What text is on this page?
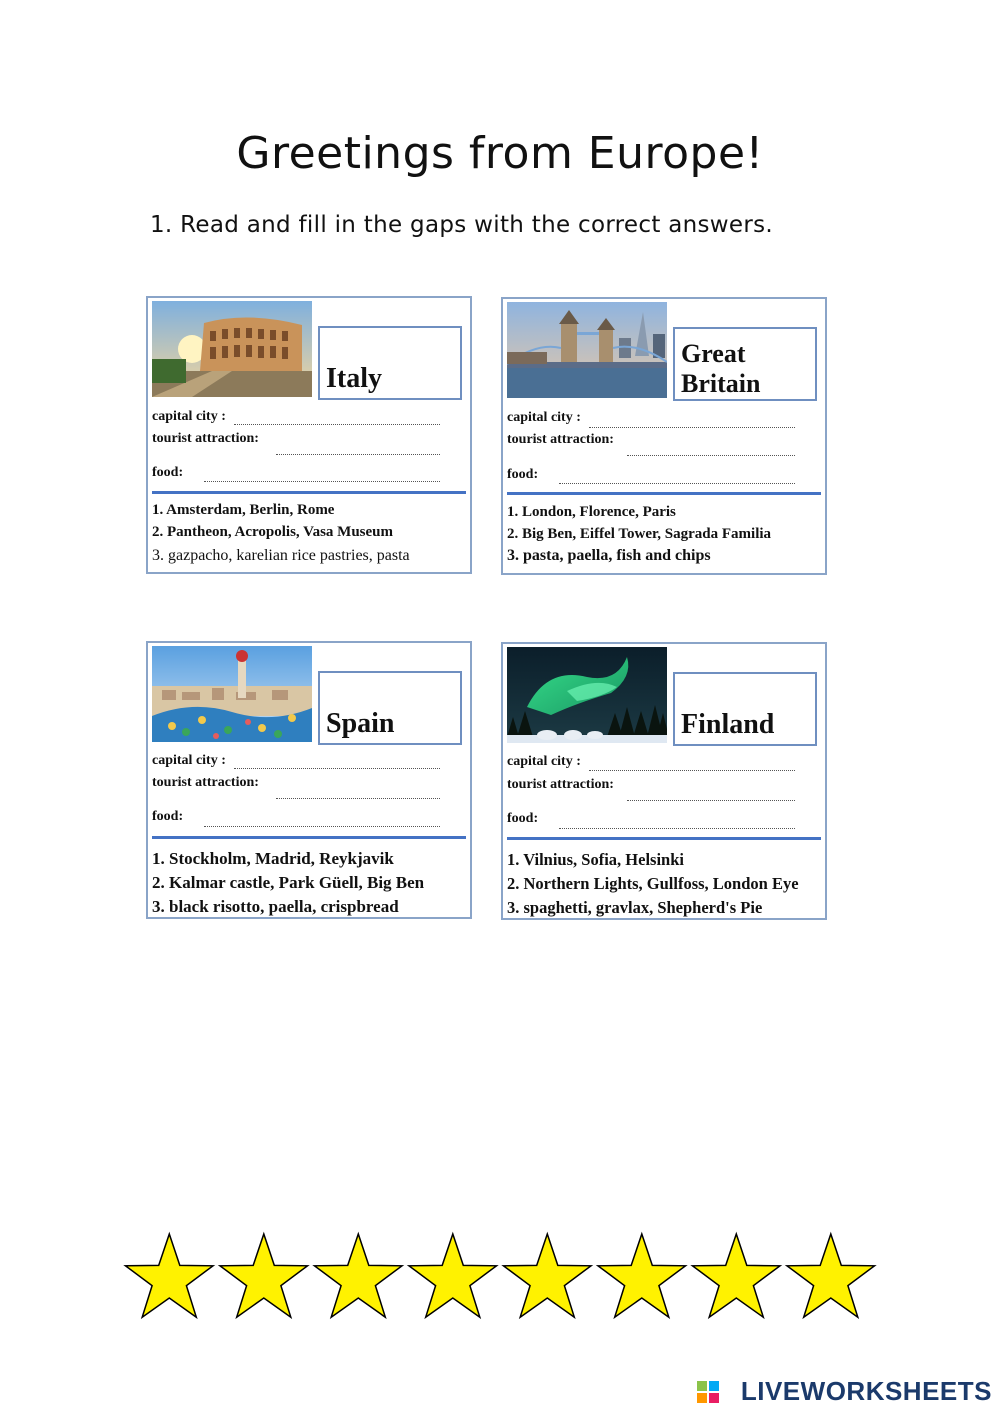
Greetings from Europe!
1. Read and fill in the gaps with the correct answers.
Italy
capital city :
tourist attraction:
food:
1. Amsterdam, Berlin, Rome
2. Pantheon, Acropolis, Vasa Museum
3. gazpacho, karelian rice pastries, pasta
Great
Britain
capital city :
tourist attraction:
food:
1. London, Florence, Paris
2. Big Ben, Eiffel Tower, Sagrada Familia
3. pasta, paella, fish and chips
Spain
capital city :
tourist attraction:
food:
1. Stockholm, Madrid, Reykjavik
2. Kalmar castle, Park Güell, Big Ben
3. black risotto, paella, crispbread
Finland
capital city :
tourist attraction:
food:
1. Vilnius, Sofia, Helsinki
2. Northern Lights, Gullfoss, London Eye
3. spaghetti, gravlax, Shepherd's Pie
LIVEWORKSHEETS
